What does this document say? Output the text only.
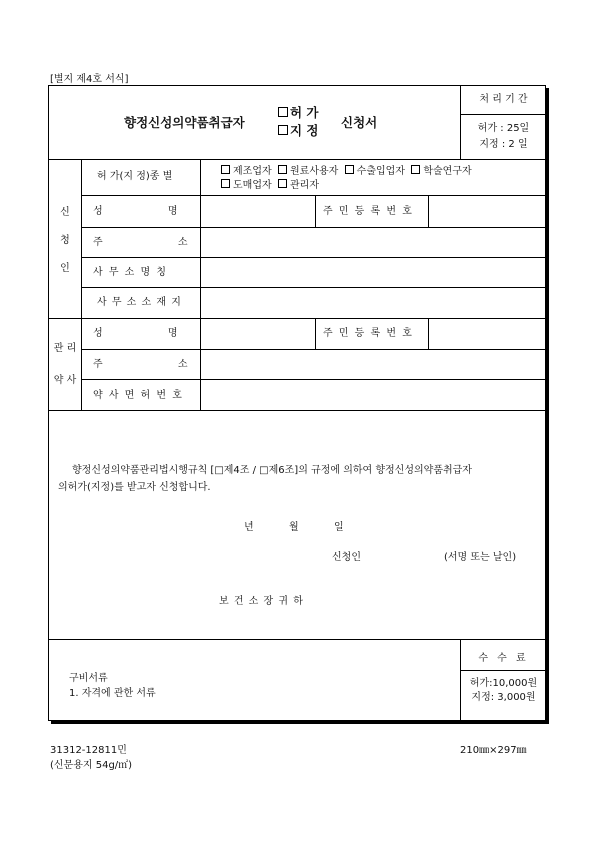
[별지 제4호 서식]
향정신성의약품취급자
허 가
지 정
신청서
처 리 기 간
허가 : 25일
지정 : 2 일
신
청
인
허 가(지 정)종 별	제조업자 원료사용자 수출입업자 학술연구자
도매업자 관리자
성 명	주 민 등 록 번 호
주 소
사 무 소 명 칭
사 무 소 소 재 지
관 리
약 사
성 명	주 민 등 록 번 호
주 소
약 사 면 허 번 호
향정신성의약품관리법시행규칙 [□제4조 / □제6조]의 규정에 의하여 향정신성의약품취급자
의허가(지정)를 받고자 신청합니다.
년	월	일
신청인	(서명 또는 날인)
보 건 소 장 귀 하
구비서류
1. 자격에 관한 서류
수 수 료
허가:10,000원
지정: 3,000원
31312-12811민
(신문용지 54g/㎡)
210㎜×297㎜
